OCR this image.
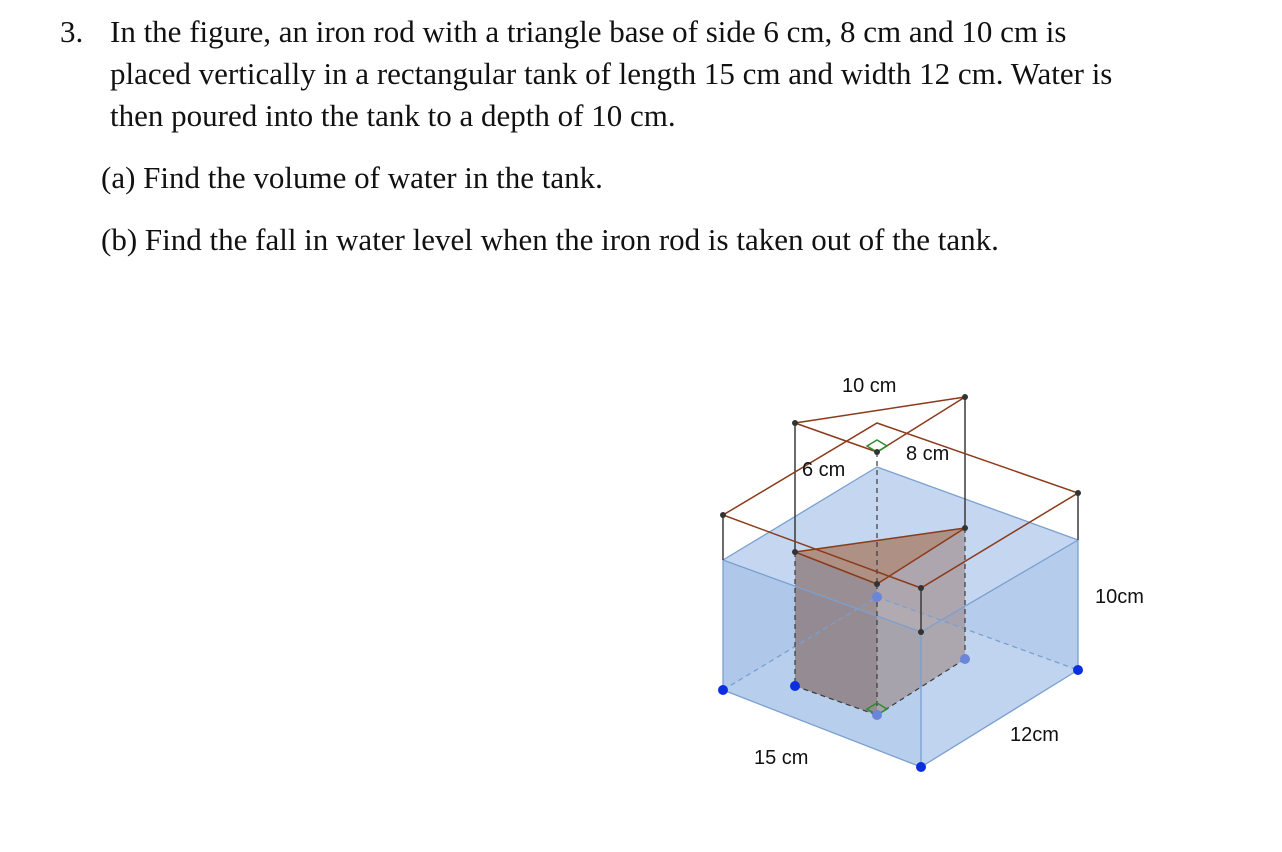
3. In the figure, an iron rod with a triangle base of side 6 cm, 8 cm and 10 cm is
placed vertically in a rectangular tank of length 15 cm and width 12 cm. Water is
then poured into the tank to a depth of 10 cm.
(a) Find the volume of water in the tank.
(b) Find the fall in water level when the iron rod is taken out of the tank.
10 cm
6 cm
8 cm
10cm
12cm
15 cm
